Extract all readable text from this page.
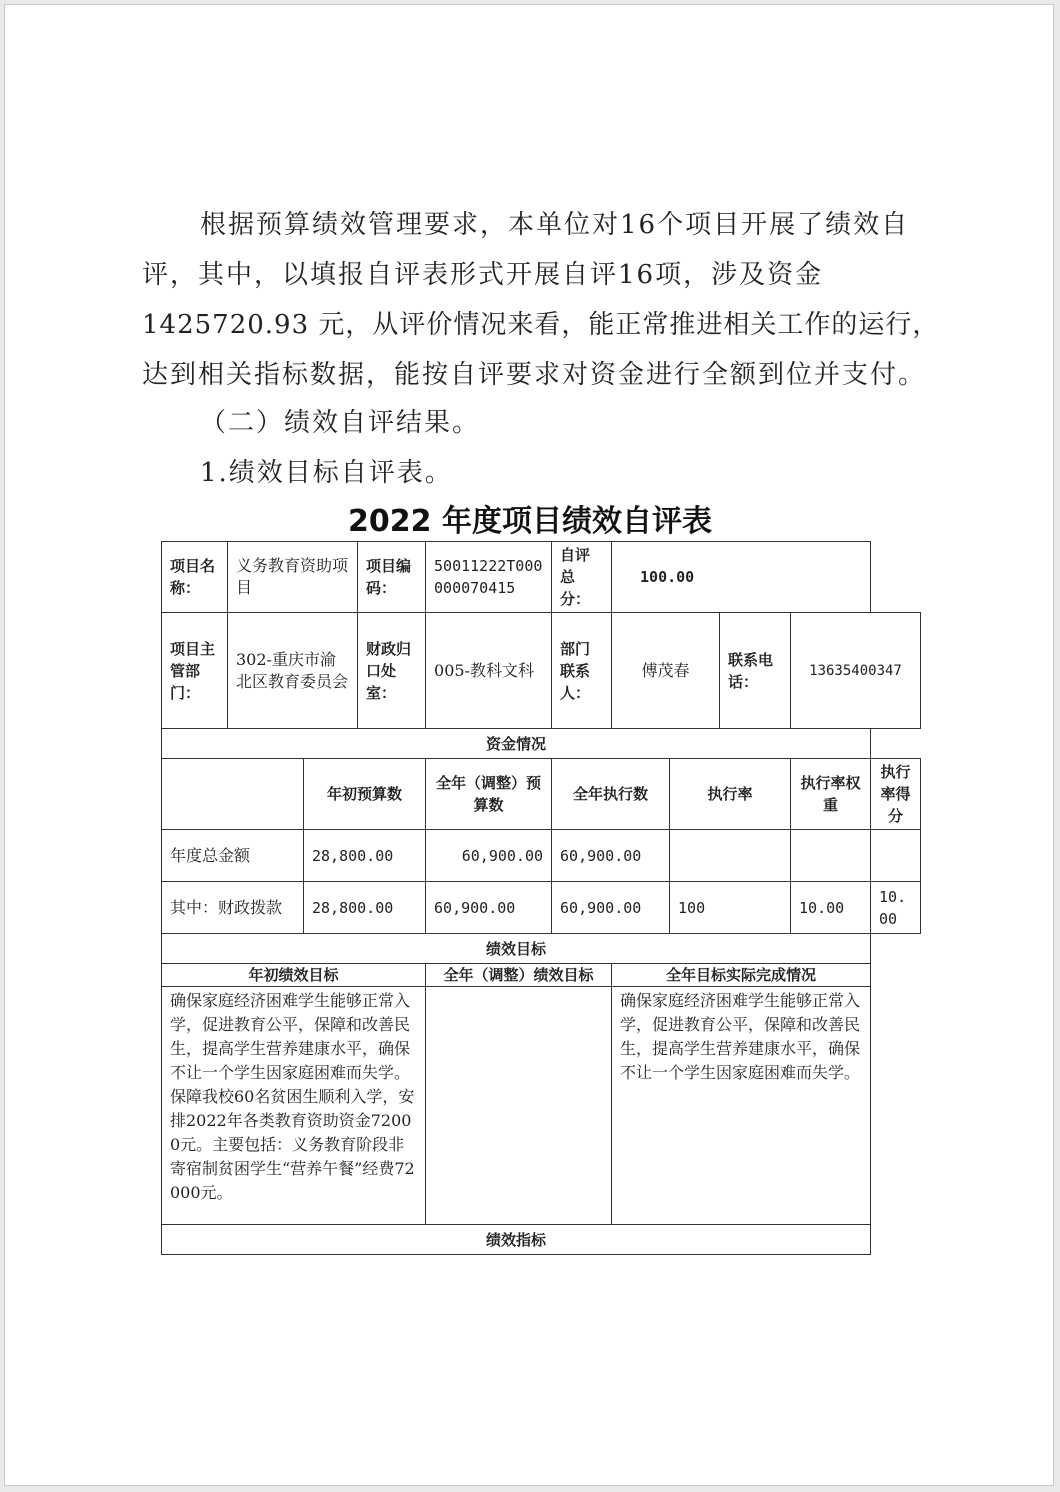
根据预算绩效管理要求，本单位对16个项目开展了绩效自
评，其中，以填报自评表形式开展自评16项，涉及资金
1425720.93 元，从评价情况来看，能正常推进相关工作的运行，
达到相关指标数据，能按自评要求对资金进行全额到位并支付。
（二）绩效自评结果。
1.绩效目标自评表。
2022 年度项目绩效自评表
项目名称：	义务教育资助项目		项目编码：	50011222T000000070415	自评总分：	100.00				
项目主管部门：	302-重庆市渝北区教育委员会		财政归口处室：	005-教科文科	部门联系人：	傅茂春		联系电话：	13635400347	
资金情况										
		年初预算数		全年（调整）预算数	全年执行数		执行率		执行率权重	执行率得分
年度总金额		28,800.00		60,900.00	60,900.00					
其中：财政拨款		28,800.00		60,900.00	60,900.00		100		10.00	10.00
绩效目标										
年初绩效目标				全年（调整）绩效目标		全年目标实际完成情况				
确保家庭经济困难学生能够正常入学，促进教育公平，保障和改善民生，提高学生营养建康水平，确保不让一个学生因家庭困难而失学。保障我校60名贫困生顺利入学，安排2022年各类教育资助资金72000元。主要包括：义务教育阶段非寄宿制贫困学生“营养午餐”经费72000元。						确保家庭经济困难学生能够正常入学，促进教育公平，保障和改善民生，提高学生营养建康水平，确保不让一个学生因家庭困难而失学。				
绩效指标										
